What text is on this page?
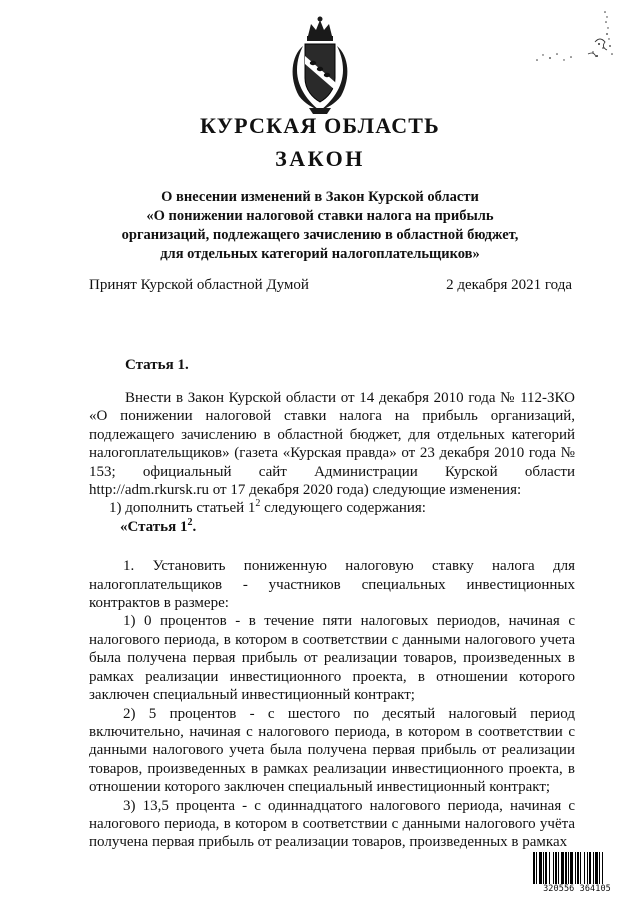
КУРСКАЯ ОБЛАСТЬ
ЗАКОН
О внесении изменений в Закон Курской области
«О понижении налоговой ставки налога на прибыль
организаций, подлежащего зачислению в областной бюджет,
для отдельных категорий налогоплательщиков»
Принят Курской областной Думой	2 декабря 2021 года
Статья 1.

Внести в Закон Курской области от 14 декабря 2010 года № 112-ЗКО «О понижении налоговой ставки налога на прибыль организаций, подлежащего зачислению в областной бюджет, для отдельных категорий налогоплательщиков» (газета «Курская правда» от 23 декабря 2010 года № 153; официальный сайт Администрации Курской области http://adm.rkursk.ru от 17 декабря 2020 года) следующие изменения:

1) дополнить статьей $1^2$ следующего содержания:

«Статья $1^2$.

1. Установить пониженную налоговую ставку налога для налогоплательщиков - участников специальных инвестиционных контрактов в размере:

1) 0 процентов - в течение пяти налоговых периодов, начиная с налогового периода, в котором в соответствии с данными налогового учета была получена первая прибыль от реализации товаров, произведенных в рамках реализации инвестиционного проекта, в отношении которого заключен специальный инвестиционный контракт;

2) 5 процентов - с шестого по десятый налоговый период включительно, начиная с налогового периода, в котором в соответствии с данными налогового учета была получена первая прибыль от реализации товаров, произведенных в рамках реализации инвестиционного проекта, в отношении которого заключен специальный инвестиционный контракт;

3) 13,5 процента - с одиннадцатого налогового периода, начиная с налогового периода, в котором в соответствии с данными налогового учёта получена первая прибыль от реализации товаров, произведенных в рамках

320556 364105
